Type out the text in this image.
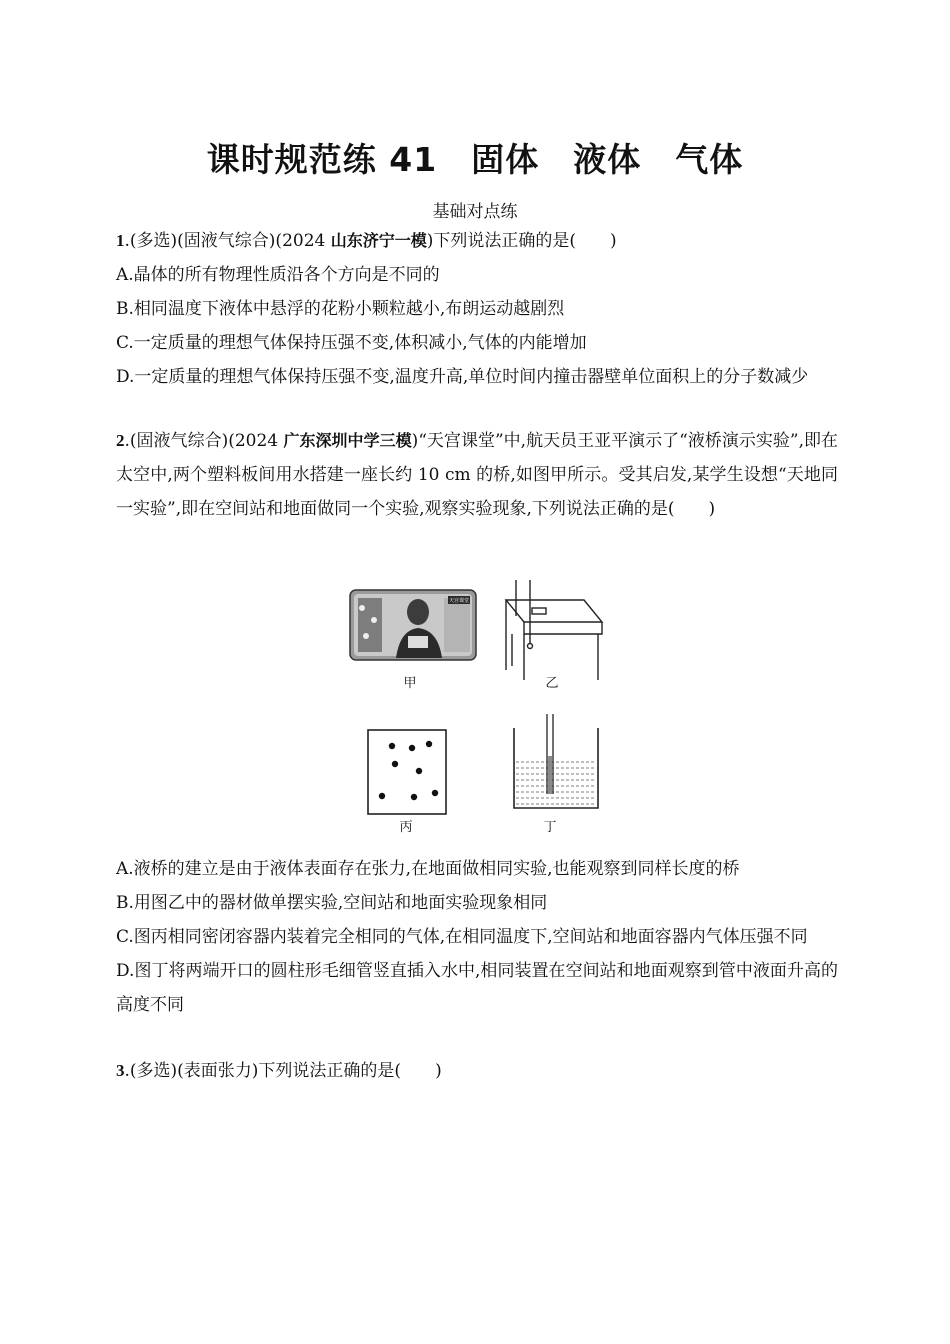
课时规范练 41　固体　液体　气体
基础对点练
1.(多选)(固液气综合)(2024 山东济宁一模)下列说法正确的是(　　)
A.晶体的所有物理性质沿各个方向是不同的
B.相同温度下液体中悬浮的花粉小颗粒越小,布朗运动越剧烈
C.一定质量的理想气体保持压强不变,体积减小,气体的内能增加
D.一定质量的理想气体保持压强不变,温度升高,单位时间内撞击器壁单位面积上的分子数减少
2.(固液气综合)(2024 广东深圳中学三模)“天宫课堂”中,航天员王亚平演示了“液桥演示实验”,即在太空中,两个塑料板间用水搭建一座长约 10 cm 的桥,如图甲所示。受其启发,某学生设想“天地同一实验”,即在空间站和地面做同一个实验,观察实验现象,下列说法正确的是(　　)
天宫课堂
甲	乙
丙	丁
A.液桥的建立是由于液体表面存在张力,在地面做相同实验,也能观察到同样长度的桥
B.用图乙中的器材做单摆实验,空间站和地面实验现象相同
C.图丙相同密闭容器内装着完全相同的气体,在相同温度下,空间站和地面容器内气体压强不同
D.图丁将两端开口的圆柱形毛细管竖直插入水中,相同装置在空间站和地面观察到管中液面升高的高度不同
3.(多选)(表面张力)下列说法正确的是(　　)
